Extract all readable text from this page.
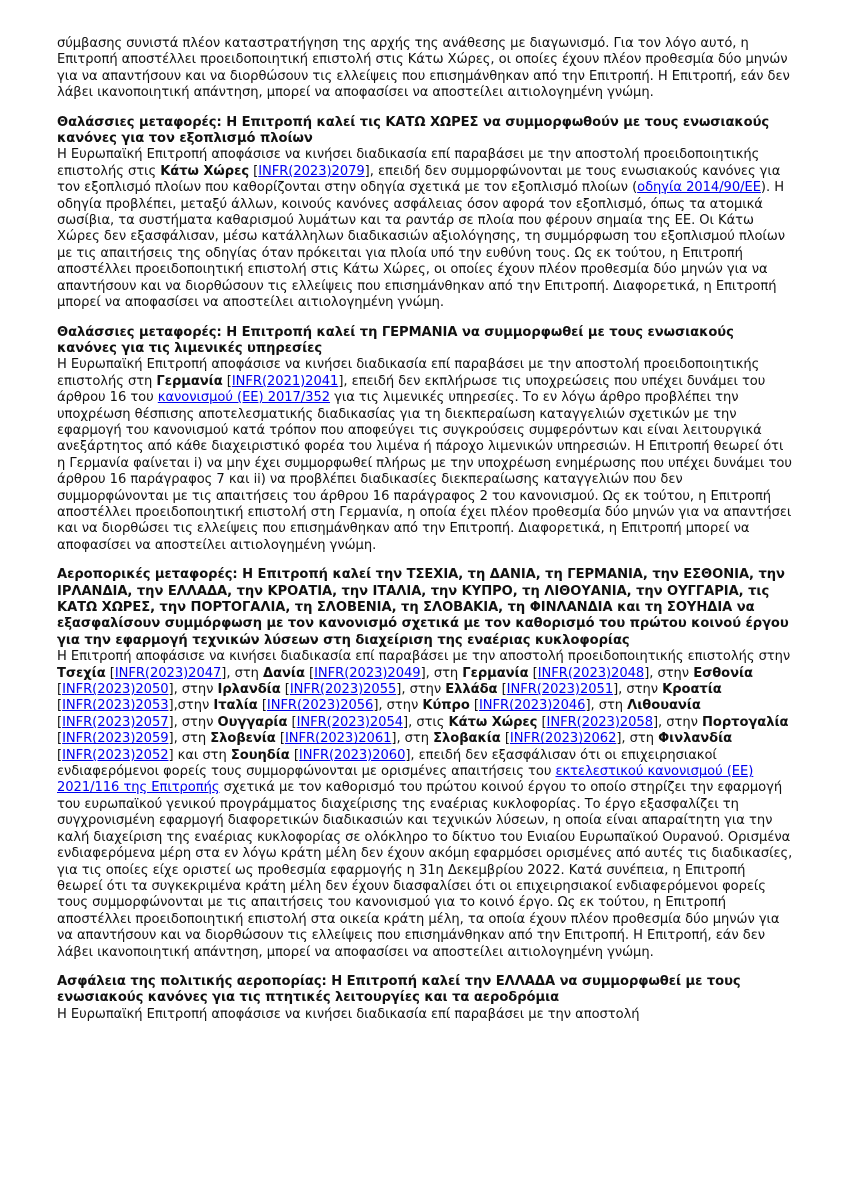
σύμβασης συνιστά πλέον καταστρατήγηση της αρχής της ανάθεσης με διαγωνισμό. Για τον λόγο αυτό, η Επιτροπή αποστέλλει προειδοποιητική επιστολή στις Κάτω Χώρες, οι οποίες έχουν πλέον προθεσμία δύο μηνών για να απαντήσουν και να διορθώσουν τις ελλείψεις που επισημάνθηκαν από την Επιτροπή. Η Επιτροπή, εάν δεν λάβει ικανοποιητική απάντηση, μπορεί να αποφασίσει να αποστείλει αιτιολογημένη γνώμη.
Θαλάσσιες μεταφορές: Η Επιτροπή καλεί τις ΚΑΤΩ ΧΩΡΕΣ να συμμορφωθούν με τους ενωσιακούς κανόνες για τον εξοπλισμό πλοίων
Η Ευρωπαϊκή Επιτροπή αποφάσισε να κινήσει διαδικασία επί παραβάσει με την αποστολή προειδοποιητικής επιστολής στις Κάτω Χώρες [INFR(2023)2079], επειδή δεν συμμορφώνονται με τους ενωσιακούς κανόνες για τον εξοπλισμό πλοίων που καθορίζονται στην οδηγία σχετικά με τον εξοπλισμό πλοίων (οδηγία 2014/90/ΕΕ). Η οδηγία προβλέπει, μεταξύ άλλων, κοινούς κανόνες ασφάλειας όσον αφορά τον εξοπλισμό, όπως τα ατομικά σωσίβια, τα συστήματα καθαρισμού λυμάτων και τα ραντάρ σε πλοία που φέρουν σημαία της ΕΕ. Οι Κάτω Χώρες δεν εξασφάλισαν, μέσω κατάλληλων διαδικασιών αξιολόγησης, τη συμμόρφωση του εξοπλισμού πλοίων με τις απαιτήσεις της οδηγίας όταν πρόκειται για πλοία υπό την ευθύνη τους. Ως εκ τούτου, η Επιτροπή αποστέλλει προειδοποιητική επιστολή στις Κάτω Χώρες, οι οποίες έχουν πλέον προθεσμία δύο μηνών για να απαντήσουν και να διορθώσουν τις ελλείψεις που επισημάνθηκαν από την Επιτροπή. Διαφορετικά, η Επιτροπή μπορεί να αποφασίσει να αποστείλει αιτιολογημένη γνώμη.
Θαλάσσιες μεταφορές: Η Επιτροπή καλεί τη ΓΕΡΜΑΝΙΑ να συμμορφωθεί με τους ενωσιακούς κανόνες για τις λιμενικές υπηρεσίες
Η Ευρωπαϊκή Επιτροπή αποφάσισε να κινήσει διαδικασία επί παραβάσει με την αποστολή προειδοποιητικής επιστολής στη Γερμανία [INFR(2021)2041], επειδή δεν εκπλήρωσε τις υποχρεώσεις που υπέχει δυνάμει του άρθρου 16 του κανονισμού (ΕΕ) 2017/352 για τις λιμενικές υπηρεσίες. Το εν λόγω άρθρο προβλέπει την υποχρέωση θέσπισης αποτελεσματικής διαδικασίας για τη διεκπεραίωση καταγγελιών σχετικών με την εφαρμογή του κανονισμού κατά τρόπον που αποφεύγει τις συγκρούσεις συμφερόντων και είναι λειτουργικά ανεξάρτητος από κάθε διαχειριστικό φορέα του λιμένα ή πάροχο λιμενικών υπηρεσιών. Η Επιτροπή θεωρεί ότι η Γερμανία φαίνεται i) να μην έχει συμμορφωθεί πλήρως με την υποχρέωση ενημέρωσης που υπέχει δυνάμει του άρθρου 16 παράγραφος 7 και ii) να προβλέπει διαδικασίες διεκπεραίωσης καταγγελιών που δεν συμμορφώνονται με τις απαιτήσεις του άρθρου 16 παράγραφος 2 του κανονισμού. Ως εκ τούτου, η Επιτροπή αποστέλλει προειδοποιητική επιστολή στη Γερμανία, η οποία έχει πλέον προθεσμία δύο μηνών για να απαντήσει και να διορθώσει τις ελλείψεις που επισημάνθηκαν από την Επιτροπή. Διαφορετικά, η Επιτροπή μπορεί να αποφασίσει να αποστείλει αιτιολογημένη γνώμη.
Αεροπορικές μεταφορές: Η Επιτροπή καλεί την ΤΣΕΧΙΑ, τη ΔΑΝΙΑ, τη ΓΕΡΜΑΝΙΑ, την ΕΣΘΟΝΙΑ, την ΙΡΛΑΝΔΙΑ, την ΕΛΛΑΔΑ, την ΚΡΟΑΤΙΑ, την ΙΤΑΛΙΑ, την ΚΥΠΡΟ, τη ΛΙΘΟΥΑΝΙΑ, την ΟΥΓΓΑΡΙΑ, τις ΚΑΤΩ ΧΩΡΕΣ, την ΠΟΡΤΟΓΑΛΙΑ, τη ΣΛΟΒΕΝΙΑ, τη ΣΛΟΒΑΚΙΑ, τη ΦΙΝΛΑΝΔΙΑ και τη ΣΟΥΗΔΙΑ να εξασφαλίσουν συμμόρφωση με τον κανονισμό σχετικά με τον καθορισμό του πρώτου κοινού έργου για την εφαρμογή τεχνικών λύσεων στη διαχείριση της εναέριας κυκλοφορίας
Η Επιτροπή αποφάσισε να κινήσει διαδικασία επί παραβάσει με την αποστολή προειδοποιητικής επιστολής στην Τσεχία [INFR(2023)2047], στη Δανία [INFR(2023)2049], στη Γερμανία [INFR(2023)2048], στην Εσθονία [INFR(2023)2050], στην Ιρλανδία [INFR(2023)2055], στην Ελλάδα [INFR(2023)2051], στην Κροατία [INFR(2023)2053],στην Ιταλία [INFR(2023)2056], στην Κύπρο [INFR(2023)2046], στη Λιθουανία [INFR(2023)2057], στην Ουγγαρία [INFR(2023)2054], στις Κάτω Χώρες [INFR(2023)2058], στην Πορτογαλία [INFR(2023)2059], στη Σλοβενία [INFR(2023)2061], στη Σλοβακία [INFR(2023)2062], στη Φινλανδία [INFR(2023)2052] και στη Σουηδία [INFR(2023)2060], επειδή δεν εξασφάλισαν ότι οι επιχειρησιακοί ενδιαφερόμενοι φορείς τους συμμορφώνονται με ορισμένες απαιτήσεις του εκτελεστικού κανονισμού (ΕΕ) 2021/116 της Επιτροπής σχετικά με τον καθορισμό του πρώτου κοινού έργου το οποίο στηρίζει την εφαρμογή του ευρωπαϊκού γενικού προγράμματος διαχείρισης της εναέριας κυκλοφορίας. Το έργο εξασφαλίζει τη συγχρονισμένη εφαρμογή διαφορετικών διαδικασιών και τεχνικών λύσεων, η οποία είναι απαραίτητη για την καλή διαχείριση της εναέριας κυκλοφορίας σε ολόκληρο το δίκτυο του Ενιαίου Ευρωπαϊκού Ουρανού. Ορισμένα ενδιαφερόμενα μέρη στα εν λόγω κράτη μέλη δεν έχουν ακόμη εφαρμόσει ορισμένες από αυτές τις διαδικασίες, για τις οποίες είχε οριστεί ως προθεσμία εφαρμογής η 31η Δεκεμβρίου 2022. Κατά συνέπεια, η Επιτροπή θεωρεί ότι τα συγκεκριμένα κράτη μέλη δεν έχουν διασφαλίσει ότι οι επιχειρησιακοί ενδιαφερόμενοι φορείς τους συμμορφώνονται με τις απαιτήσεις του κανονισμού για το κοινό έργο. Ως εκ τούτου, η Επιτροπή αποστέλλει προειδοποιητική επιστολή στα οικεία κράτη μέλη, τα οποία έχουν πλέον προθεσμία δύο μηνών για να απαντήσουν και να διορθώσουν τις ελλείψεις που επισημάνθηκαν από την Επιτροπή. Η Επιτροπή, εάν δεν λάβει ικανοποιητική απάντηση, μπορεί να αποφασίσει να αποστείλει αιτιολογημένη γνώμη.
Ασφάλεια της πολιτικής αεροπορίας: Η Επιτροπή καλεί την ΕΛΛΑΔΑ να συμμορφωθεί με τους ενωσιακούς κανόνες για τις πτητικές λειτουργίες και τα αεροδρόμια
Η Ευρωπαϊκή Επιτροπή αποφάσισε να κινήσει διαδικασία επί παραβάσει με την αποστολή
